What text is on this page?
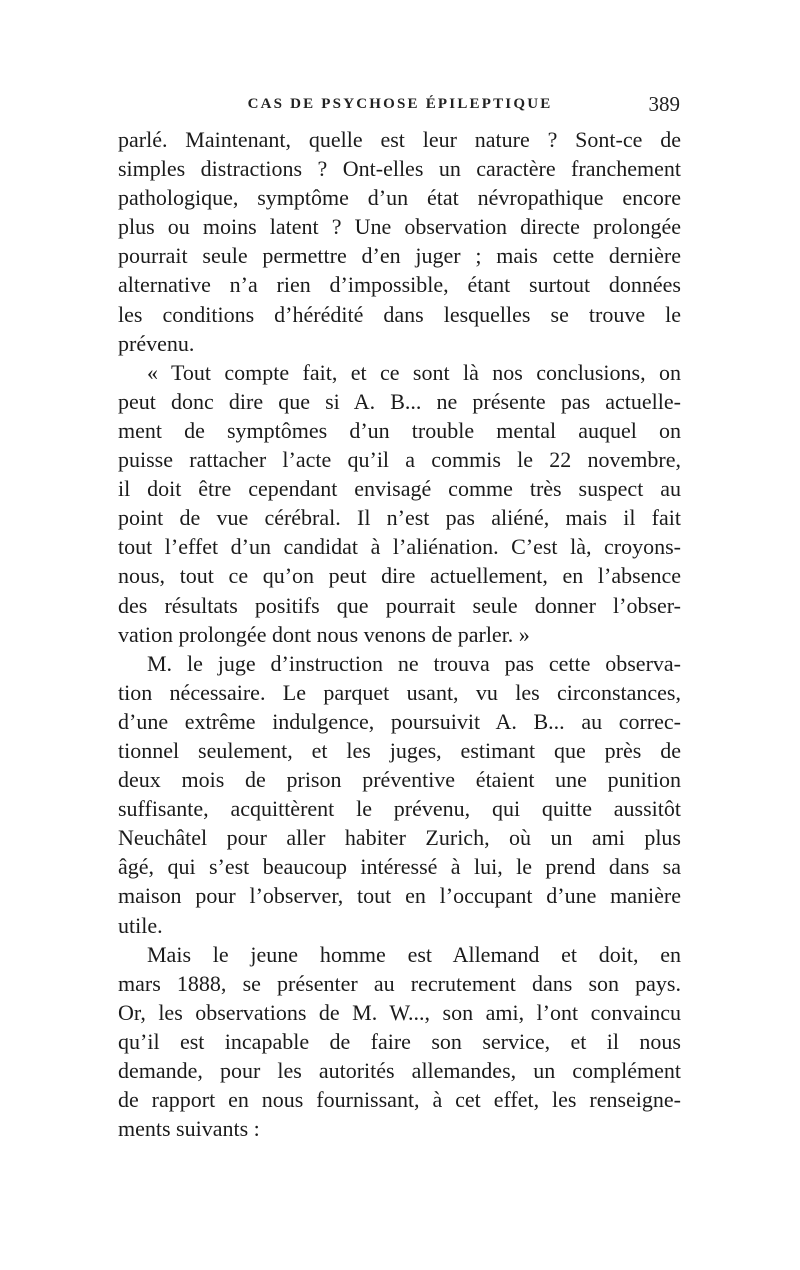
CAS DE PSYCHOSE ÉPILEPTIQUE	389
parlé. Maintenant, quelle est leur nature ? Sont-ce de
simples distractions ? Ont-elles un caractère franchement
pathologique, symptôme d’un état névropathique encore
plus ou moins latent ? Une observation directe prolongée
pourrait seule permettre d’en juger ; mais cette dernière
alternative n’a rien d’impossible, étant surtout données
les conditions d’hérédité dans lesquelles se trouve le
prévenu.
« Tout compte fait, et ce sont là nos conclusions, on
peut donc dire que si A. B... ne présente pas actuelle-
ment de symptômes d’un trouble mental auquel on
puisse rattacher l’acte qu’il a commis le 22 novembre,
il doit être cependant envisagé comme très suspect au
point de vue cérébral. Il n’est pas aliéné, mais il fait
tout l’effet d’un candidat à l’aliénation. C’est là, croyons-
nous, tout ce qu’on peut dire actuellement, en l’absence
des résultats positifs que pourrait seule donner l’obser-
vation prolongée dont nous venons de parler. »
M. le juge d’instruction ne trouva pas cette observa-
tion nécessaire. Le parquet usant, vu les circonstances,
d’une extrême indulgence, poursuivit A. B... au correc-
tionnel seulement, et les juges, estimant que près de
deux mois de prison préventive étaient une punition
suffisante, acquittèrent le prévenu, qui quitte aussitôt
Neuchâtel pour aller habiter Zurich, où un ami plus
âgé, qui s’est beaucoup intéressé à lui, le prend dans sa
maison pour l’observer, tout en l’occupant d’une manière
utile.
Mais le jeune homme est Allemand et doit, en
mars 1888, se présenter au recrutement dans son pays.
Or, les observations de M. W..., son ami, l’ont convaincu
qu’il est incapable de faire son service, et il nous
demande, pour les autorités allemandes, un complément
de rapport en nous fournissant, à cet effet, les renseigne-
ments suivants :
